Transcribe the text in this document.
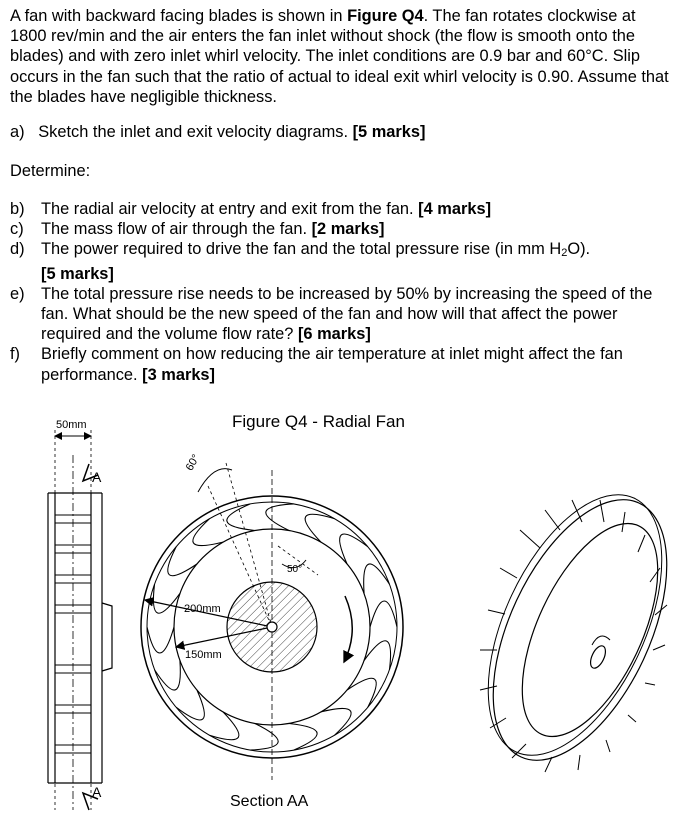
A fan with backward facing blades is shown in Figure Q4. The fan rotates clockwise at 1800 rev/min and the air enters the fan inlet without shock (the flow is smooth onto the blades) and with zero inlet whirl velocity. The inlet conditions are 0.9 bar and 60°C. Slip occurs in the fan such that the ratio of actual to ideal exit whirl velocity is 0.90. Assume that the blades have negligible thickness.
a) Sketch the inlet and exit velocity diagrams. [5 marks]
Determine:
b) The radial air velocity at entry and exit from the fan. [4 marks]
c) The mass flow of air through the fan. [2 marks]
d) The power required to drive the fan and the total pressure rise (in mm H2O).
[5 marks]
e) The total pressure rise needs to be increased by 50% by increasing the speed of the fan. What should be the new speed of the fan and how will that affect the power required and the volume flow rate? [6 marks]
f) Briefly comment on how reducing the air temperature at inlet might affect the fan performance. [3 marks]
Figure Q4 - Radial Fan
50mm
A
A
60°
50°
200mm
150mm
Section AA
